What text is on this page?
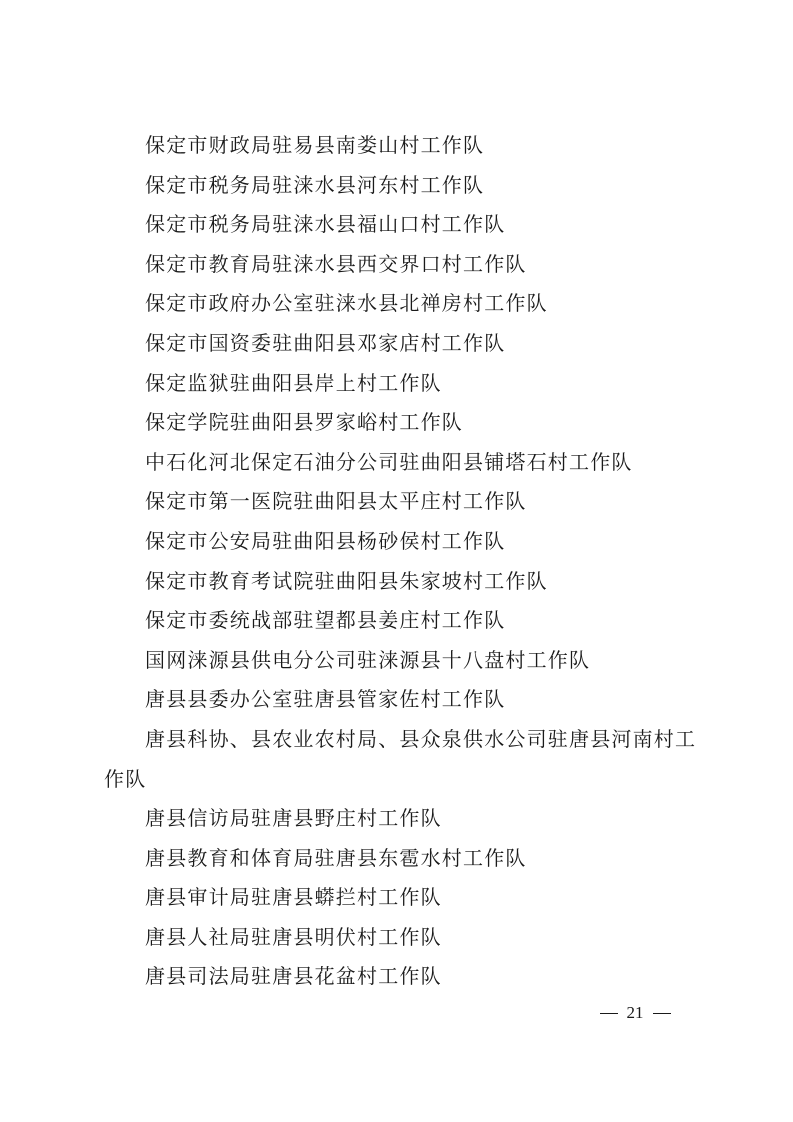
保定市财政局驻易县南娄山村工作队
保定市税务局驻涞水县河东村工作队
保定市税务局驻涞水县福山口村工作队
保定市教育局驻涞水县西交界口村工作队
保定市政府办公室驻涞水县北禅房村工作队
保定市国资委驻曲阳县邓家店村工作队
保定监狱驻曲阳县岸上村工作队
保定学院驻曲阳县罗家峪村工作队
中石化河北保定石油分公司驻曲阳县铺塔石村工作队
保定市第一医院驻曲阳县太平庄村工作队
保定市公安局驻曲阳县杨砂侯村工作队
保定市教育考试院驻曲阳县朱家坡村工作队
保定市委统战部驻望都县姜庄村工作队
国网涞源县供电分公司驻涞源县十八盘村工作队
唐县县委办公室驻唐县管家佐村工作队
唐县科协、县农业农村局、县众泉供水公司驻唐县河南村工
作队
唐县信访局驻唐县野庄村工作队
唐县教育和体育局驻唐县东雹水村工作队
唐县审计局驻唐县蟒拦村工作队
唐县人社局驻唐县明伏村工作队
唐县司法局驻唐县花盆村工作队
21
